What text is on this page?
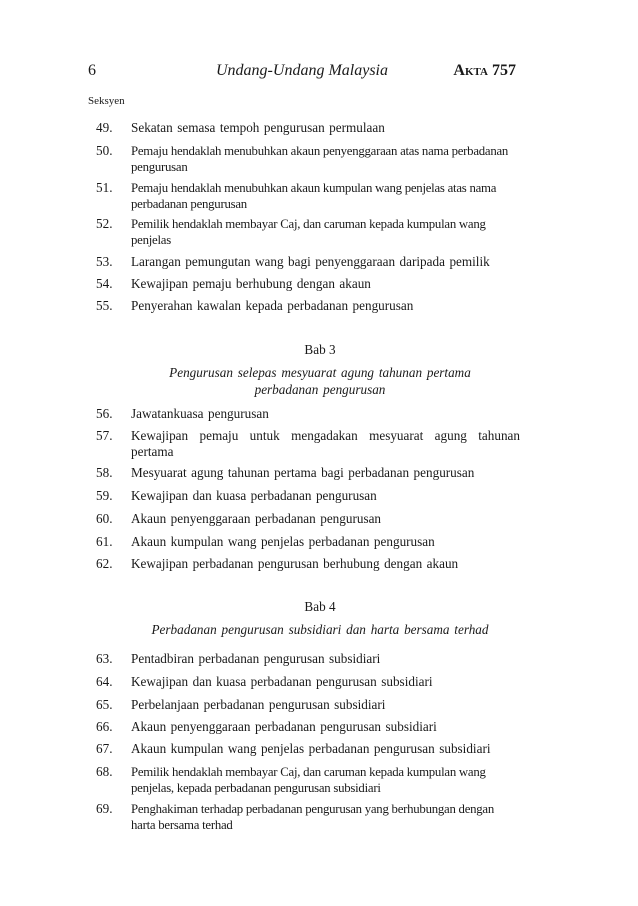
6	Undang-Undang Malaysia	Akta 757
Seksyen
49.	Sekatan semasa tempoh pengurusan permulaan
50.	Pemaju hendaklah menubuhkan akaun penyenggaraan atas nama perbadanan pengurusan
51.	Pemaju hendaklah menubuhkan akaun kumpulan wang penjelas atas nama perbadanan pengurusan
52.	Pemilik hendaklah membayar Caj, dan caruman kepada kumpulan wang penjelas
53.	Larangan pemungutan wang bagi penyenggaraan daripada pemilik
54.	Kewajipan pemaju berhubung dengan akaun
55.	Penyerahan kawalan kepada perbadanan pengurusan
Bab 3
Pengurusan selepas mesyuarat agung tahunan pertama
perbadanan pengurusan
56.	Jawatankuasa pengurusan
57.	Kewajipan pemaju untuk mengadakan mesyuarat agung tahunan pertama
58.	Mesyuarat agung tahunan pertama bagi perbadanan pengurusan
59.	Kewajipan dan kuasa perbadanan pengurusan
60.	Akaun penyenggaraan perbadanan pengurusan
61.	Akaun kumpulan wang penjelas perbadanan pengurusan
62.	Kewajipan perbadanan pengurusan berhubung dengan akaun
Bab 4
Perbadanan pengurusan subsidiari dan harta bersama terhad
63.	Pentadbiran perbadanan pengurusan subsidiari
64.	Kewajipan dan kuasa perbadanan pengurusan subsidiari
65.	Perbelanjaan perbadanan pengurusan subsidiari
66.	Akaun penyenggaraan perbadanan pengurusan subsidiari
67.	Akaun kumpulan wang penjelas perbadanan pengurusan subsidiari
68.	Pemilik hendaklah membayar Caj, dan caruman kepada kumpulan wang penjelas, kepada perbadanan pengurusan subsidiari
69.	Penghakiman terhadap perbadanan pengurusan yang berhubungan dengan harta bersama terhad
